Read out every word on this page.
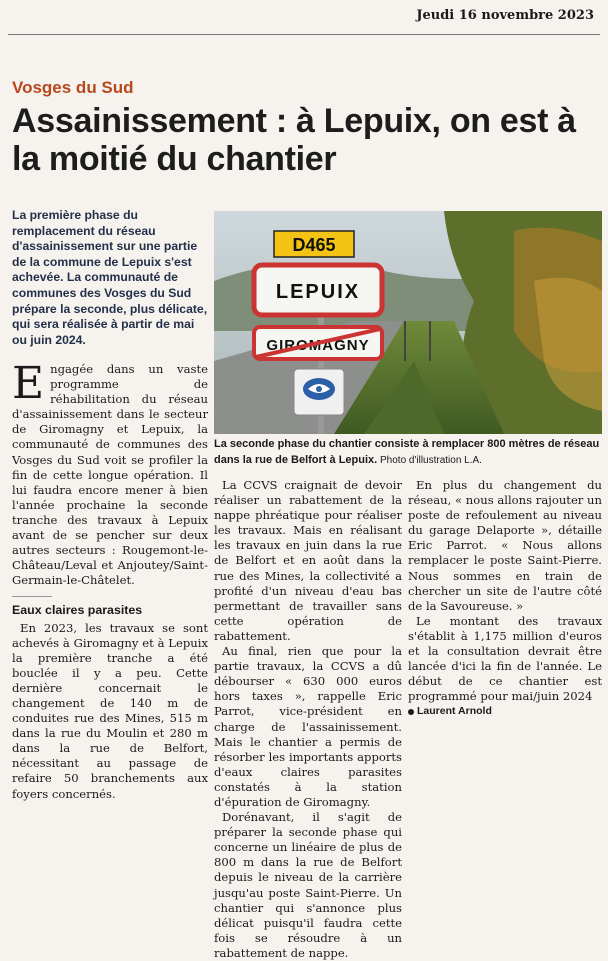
Jeudi 16 novembre 2023
Vosges du Sud
Assainissement : à Lepuix, on est à la moitié du chantier

La première phase du remplacement du réseau d'assainissement sur une partie de la commune de Lepuix s'est achevée. La communauté de communes des Vosges du Sud prépare la seconde, plus délicate, qui sera réalisée à partir de mai ou juin 2024.

D465
LEPUIX
GIROMAGNY

La seconde phase du chantier consiste à remplacer 800 mètres de réseau dans la rue de Belfort à Lepuix. Photo d'illustration L.A.

Engagée dans un vaste programme de réhabilitation du réseau d'assainissement dans le secteur de Giromagny et Lepuix, la communauté de communes des Vosges du Sud voit se profiler la fin de cette longue opération. Il lui faudra encore mener à bien l'année prochaine la seconde tranche des travaux à Lepuix avant de se pencher sur deux autres secteurs : Rougemont-le-Château/Leval et Anjoutey/Saint-Germain-le-Châtelet.

Eaux claires parasites

En 2023, les travaux se sont achevés à Giromagny et à Lepuix la première tranche a été bouclée il y a peu. Cette dernière concernait le changement de 140 m de conduites rue des Mines, 515 m dans la rue du Moulin et 280 m dans la rue de Belfort, nécessitant au passage de refaire 50 branchements aux foyers concernés.

La CCVS craignait de devoir réaliser un rabattement de la nappe phréatique pour réaliser les travaux. Mais en réalisant les travaux en juin dans la rue de Belfort et en août dans la rue des Mines, la collectivité a profité d'un niveau d'eau bas permettant de travailler sans cette opération de rabattement.

Au final, rien que pour la partie travaux, la CCVS a dû débourser « 630 000 euros hors taxes », rappelle Eric Parrot, vice-président en charge de l'assainissement. Mais le chantier a permis de résorber les importants apports d'eaux claires parasites constatés à la station d'épuration de Giromagny.

Dorénavant, il s'agit de préparer la seconde phase qui concerne un linéaire de plus de 800 m dans la rue de Belfort depuis le niveau de la carrière jusqu'au poste Saint-Pierre. Un chantier qui s'annonce plus délicat puisqu'il faudra cette fois se résoudre à un rabattement de nappe.

En plus du changement du réseau, « nous allons rajouter un poste de refoulement au niveau du garage Delaporte », détaille Eric Parrot. « Nous allons remplacer le poste Saint-Pierre. Nous sommes en train de chercher un site de l'autre côté de la Savoureuse. »

Le montant des travaux s'établit à 1,175 million d'euros et la consultation devrait être lancée d'ici la fin de l'année. Le début de ce chantier est programmé pour mai/juin 2024

Laurent Arnold
